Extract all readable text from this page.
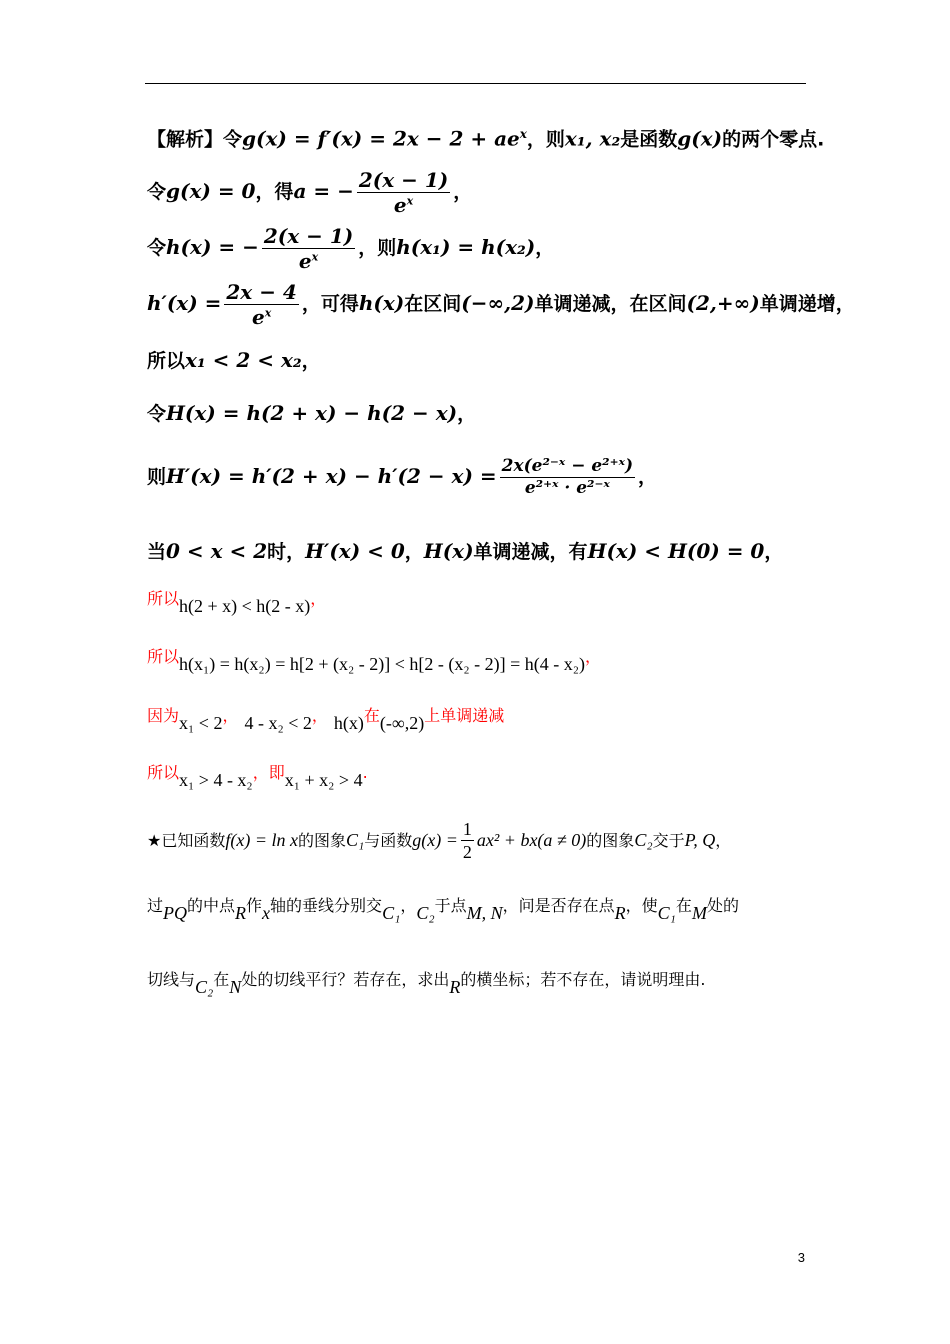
【解析】令$g(x) = f'(x) = 2x - 2 + ae^x$，则x₁, x₂是函数g(x)的两个零点.
令g(x) = 0，得a = − $\frac{2(x - 1)}{e^x}$ ，
令h(x) = − $\frac{2(x - 1)}{e^x}$ ，则h(x₁) = h(x₂)，
$h'(x) = \frac{2x - 4}{e^x}$ ，可得h(x)在区间(−∞,2)单调递减，在区间(2,+∞)单调递增，
所以x₁ < 2 < x₂，
令H(x) = h(2 + x) − h(2 − x)，
则$H'(x) = h'(2 + x) - h'(2 - x) = \frac{\text{2x(e²⁻ˣ − e²⁺ˣ)}}{\text{e²⁺ˣ · e²⁻ˣ}}$ ，
当0 < x < 2时，H′(x) < 0，H(x)单调递减，有H(x) < H(0) = 0，
所以h(2 + x) < h(2 - x)，
所以h(x₁) = h(x₂) = h[2 + (x₂ - 2)] < h[2 - (x₂ - 2)] = h(4 - x₂)，
因为x₁ < 2， 4 - x₂ < 2， h(x)在(-∞,2)上单调递减
所以x₁ > 4 - x₂，即x₁ + x₂ > 4.
★已知函数f(x) = ln x的图象C₁与函数$g(x) = \frac{1}{2} ax^2 + bx(a \ne 0)$的图象C₂交于P, Q，
过PQ的中点R作x轴的垂线分别交C₁，C₂于点M, N，问是否存在点R，使C₁在M处的
切线与C₂在N处的切线平行？若存在，求出R的横坐标；若不存在，请说明理由.
3
